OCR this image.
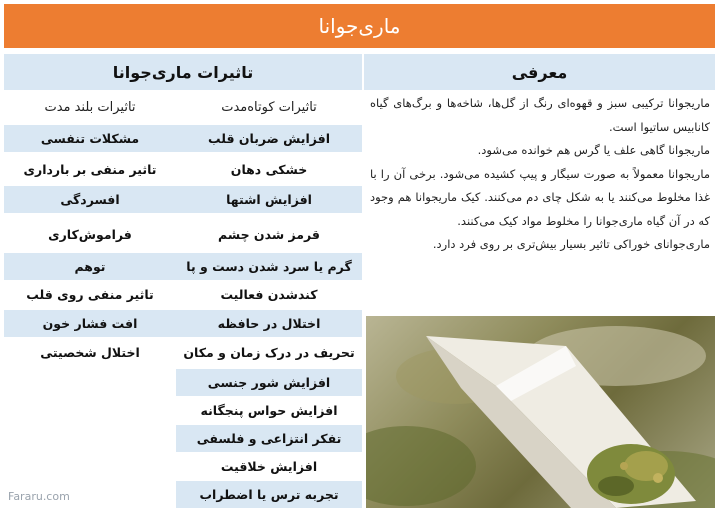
ماری‌جوانا
معرفی
تاثیرات ماری‌جوانا
تاثیرات کوتاه‌مدت
تاثیرات بلند مدت	ماریجوانا ترکیبی سبز و قهوه‌ای رنگ از گل‌ها، شاخه‌ها و برگ‌های گیاه کانابیس ساتیوا است.

ماریجوانا گاهی علف یا گرس هم خوانده می‌شود.

ماریجوانا معمولاً به صورت سیگار و پیپ کشیده می‌شود. برخی آن را با غذا مخلوط می‌کنند یا به شکل چای دم می‌کنند. کیک ماریجوانا هم وجود که در آن گیاه ماری‌جوانا را مخلوط مواد کیک می‌کنند.

ماری‌جوانای خوراکی تاثیر بسیار بیش‌تری بر روی فرد دارد.

افزایش ضربان قلب
خشکی دهان
افزایش اشتها
قرمز شدن چشم
گرم یا سرد شدن دست و پا
کندشدن فعالیت
اختلال در حافظه
تحریف در درک زمان و مکان
افزایش شور جنسی
افزایش حواس پنجگانه
تفکر انتزاعی و فلسفی
افزایش خلاقیت
تجربه ترس یا اضطراب
مشکلات تنفسی
تاثیر منفی بر بارداری
افسردگی
فراموش‌کاری
توهم
تاثیر منفی روی قلب
افت فشار خون
اختلال شخصیتی
Fararu.com
